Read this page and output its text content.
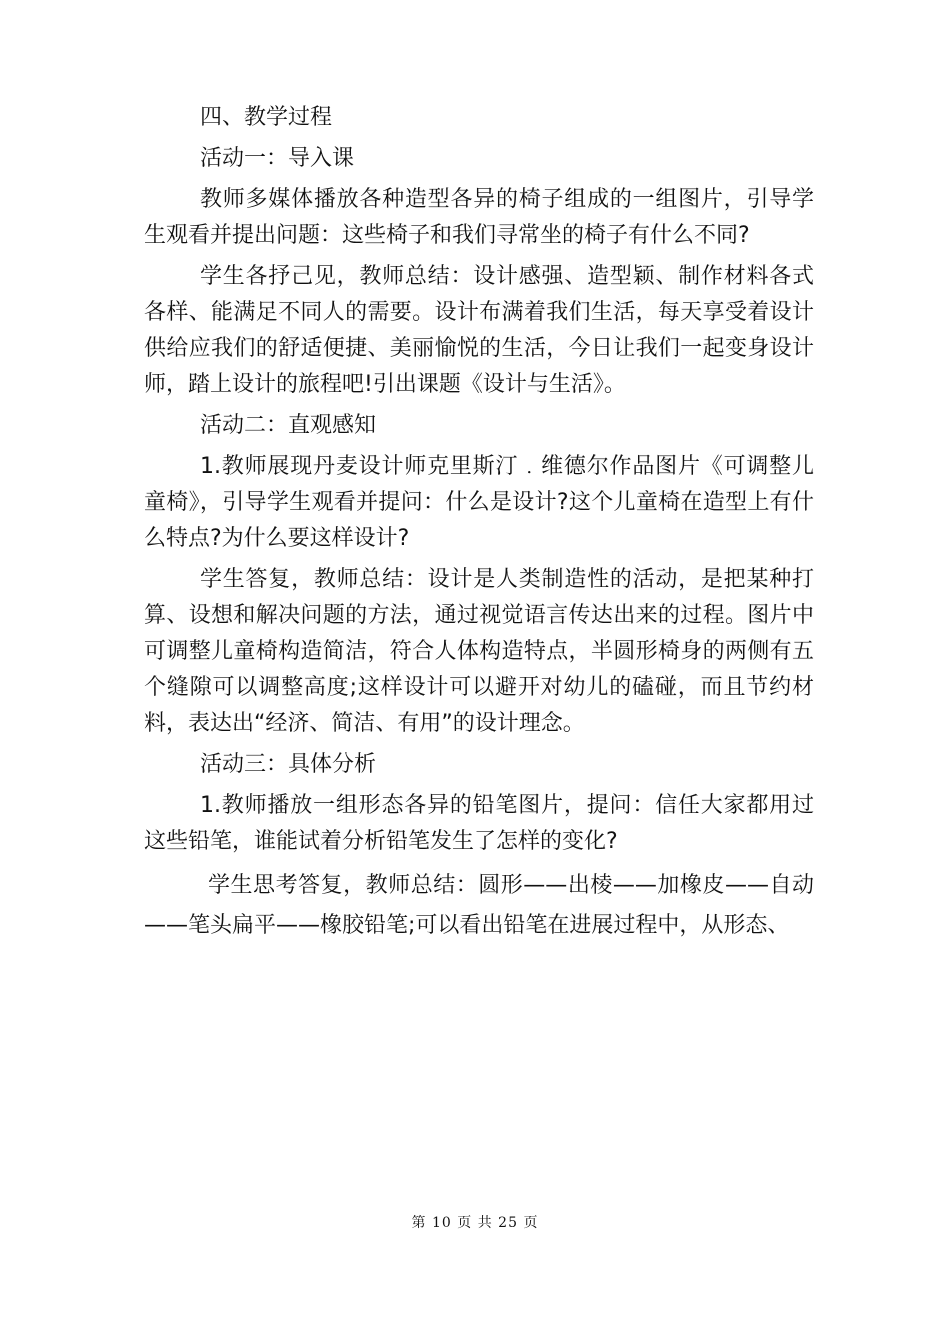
四、教学过程
活动一：导入课
教师多媒体播放各种造型各异的椅子组成的一组图片，引导学生观看并提出问题：这些椅子和我们寻常坐的椅子有什么不同?
学生各抒己见，教师总结：设计感强、造型颖、制作材料各式各样、能满足不同人的需要。设计布满着我们生活，每天享受着设计供给应我们的舒适便捷、美丽愉悦的生活，今日让我们一起变身设计师，踏上设计的旅程吧!引出课题《设计与生活》。
活动二：直观感知
1.教师展现丹麦设计师克里斯汀﹒维德尔作品图片《可调整儿童椅》，引导学生观看并提问：什么是设计?这个儿童椅在造型上有什么特点?为什么要这样设计?
学生答复，教师总结：设计是人类制造性的活动，是把某种打算、设想和解决问题的方法，通过视觉语言传达出来的过程。图片中可调整儿童椅构造简洁，符合人体构造特点，半圆形椅身的两侧有五个缝隙可以调整高度;这样设计可以避开对幼儿的磕碰，而且节约材料，表达出“经济、简洁、有用”的设计理念。
活动三：具体分析
1.教师播放一组形态各异的铅笔图片，提问：信任大家都用过这些铅笔，谁能试着分析铅笔发生了怎样的变化?
学生思考答复，教师总结：圆形——出棱——加橡皮——自动——笔头扁平——橡胶铅笔;可以看出铅笔在进展过程中，从形态、
第 10 页 共 25 页
